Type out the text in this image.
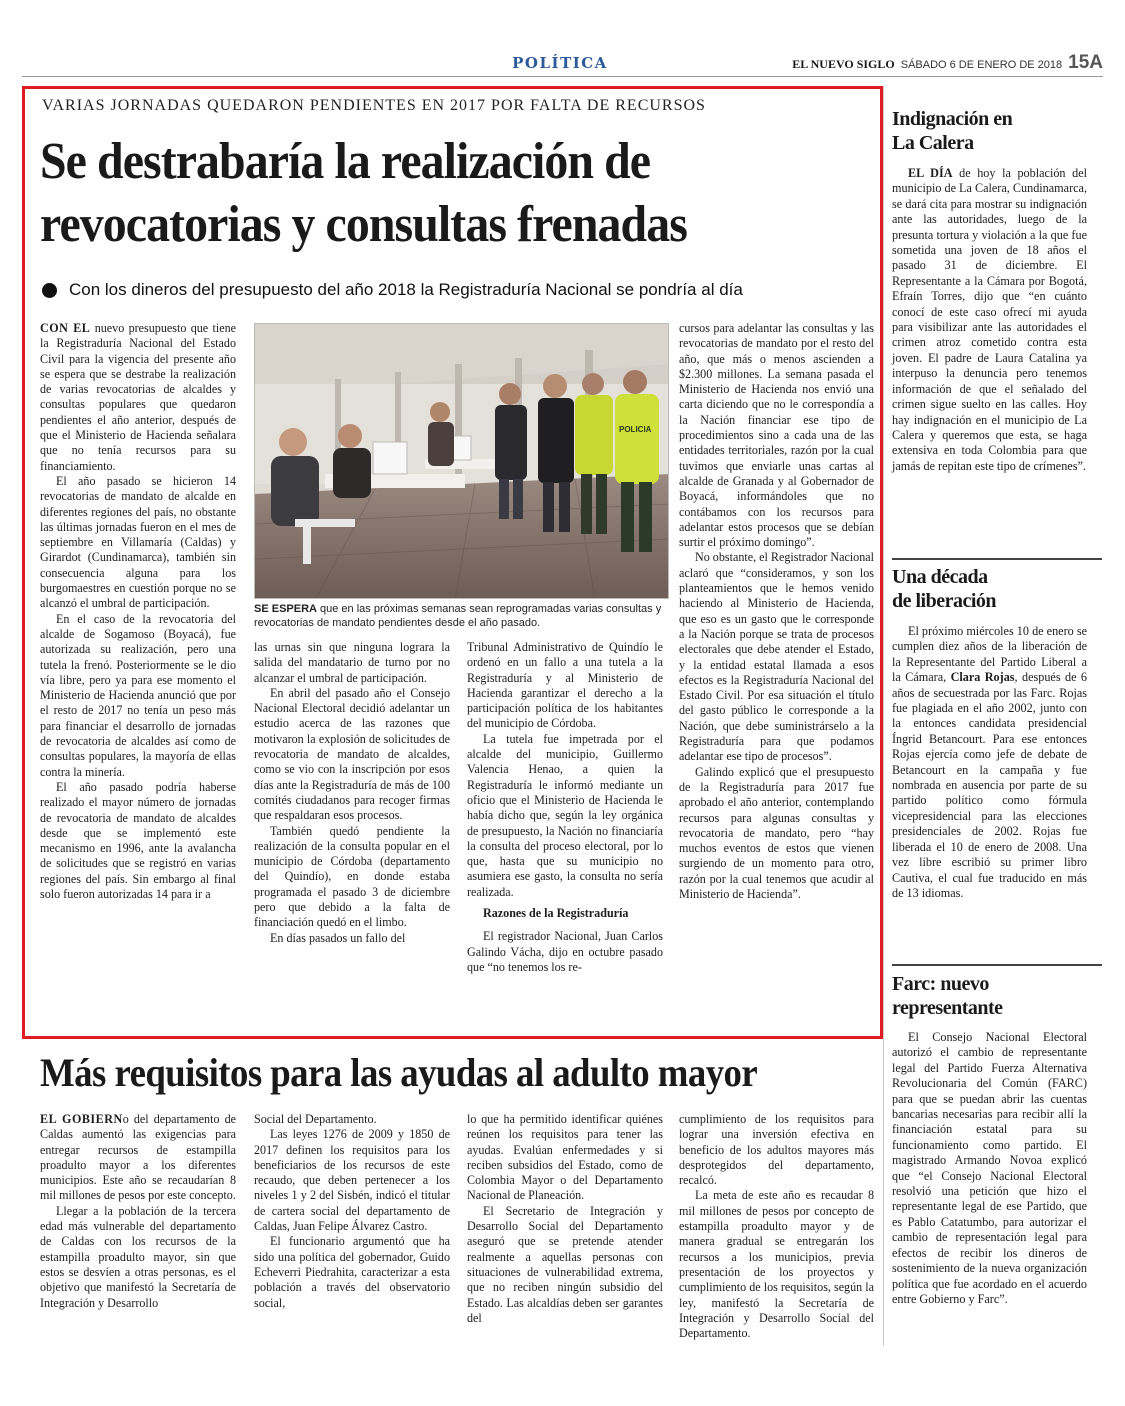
POLÍTICA	EL NUEVO SIGLO SÁBADO 6 DE ENERO DE 2018 15A
VARIAS JORNADAS QUEDARON PENDIENTES EN 2017 POR FALTA DE RECURSOS
Se destrabaría la realización de
revocatorias y consultas frenadas
Con los dineros del presupuesto del año 2018 la Registraduría Nacional se pondría al día

CON EL nuevo presupuesto que tiene la Registraduría Nacional del Estado Civil para la vigencia del presente año se espera que se destrabe la realización de varias revocatorias de alcaldes y consultas populares que quedaron pendientes el año anterior, después de que el Ministerio de Hacienda señalara que no tenía recursos para su financiamiento.

El año pasado se hicieron 14 revocatorias de mandato de alcalde en diferentes regiones del país, no obstante las últimas jornadas fueron en el mes de septiembre en Villamaría (Caldas) y Girardot (Cundinamarca), también sin consecuencia alguna para los burgomaestres en cuestión porque no se alcanzó el umbral de participación.

En el caso de la revocatoria del alcalde de Sogamoso (Boyacá), fue autorizada su realización, pero una tutela la frenó. Posteriormente se le dio vía libre, pero ya para ese momento el Ministerio de Hacienda anunció que por el resto de 2017 no tenía un peso más para financiar el desarrollo de jornadas de revocatoria de alcaldes así como de consultas populares, la mayoría de ellas contra la minería.

El año pasado podría haberse realizado el mayor número de jornadas de revocatoria de mandato de alcaldes desde que se implementó este mecanismo en 1996, ante la avalancha de solicitudes que se registró en varias regiones del país. Sin embargo al final solo fueron autorizadas 14 para ir a

POLICIA
SE ESPERA que en las próximas semanas sean reprogramadas varias consultas y revocatorias de mandato pendientes desde el año pasado.

las urnas sin que ninguna lograra la salida del mandatario de turno por no alcanzar el umbral de participación.

En abril del pasado año el Consejo Nacional Electoral decidió adelantar un estudio acerca de las razones que motivaron la explosión de solicitudes de revocatoria de mandato de alcaldes, como se vio con la inscripción por esos días ante la Registraduría de más de 100 comités ciudadanos para recoger firmas que respaldaran esos procesos.

También quedó pendiente la realización de la consulta popular en el municipio de Córdoba (departamento del Quindío), en donde estaba programada el pasado 3 de diciembre pero que debido a la falta de financiación quedó en el limbo.

En días pasados un fallo del

Tribunal Administrativo de Quindío le ordenó en un fallo a una tutela a la Registraduría y al Ministerio de Hacienda garantizar el derecho a la participación política de los habitantes del municipio de Córdoba.

La tutela fue impetrada por el alcalde del municipio, Guillermo Valencia Henao, a quien la Registraduría le informó mediante un oficio que el Ministerio de Hacienda le había dicho que, según la ley orgánica de presupuesto, la Nación no financiaría la consulta del proceso electoral, por lo que, hasta que su municipio no asumiera ese gasto, la consulta no sería realizada.

Razones de la Registraduría

El registrador Nacional, Juan Carlos Galindo Vácha, dijo en octubre pasado que “no tenemos los re-

cursos para adelantar las consultas y las revocatorias de mandato por el resto del año, que más o menos ascienden a $2.300 millones. La semana pasada el Ministerio de Hacienda nos envió una carta diciendo que no le correspondía a la Nación financiar ese tipo de procedimientos sino a cada una de las entidades territoriales, razón por la cual tuvimos que enviarle unas cartas al alcalde de Granada y al Gobernador de Boyacá, informándoles que no contábamos con los recursos para adelantar estos procesos que se debían surtir el próximo domingo”.

No obstante, el Registrador Nacional aclaró que “consideramos, y son los planteamientos que le hemos venido haciendo al Ministerio de Hacienda, que eso es un gasto que le corresponde a la Nación porque se trata de procesos electorales que debe atender el Estado, y la entidad estatal llamada a esos efectos es la Registraduría Nacional del Estado Civil. Por esa situación el título del gasto público le corresponde a la Nación, que debe suministrárselo a la Registraduría para que podamos adelantar ese tipo de procesos”.

Galindo explicó que el presupuesto de la Registraduría para 2017 fue aprobado el año anterior, contemplando recursos para algunas consultas y revocatoria de mandato, pero “hay muchos eventos de estos que vienen surgiendo de un momento para otro, razón por la cual tenemos que acudir al Ministerio de Hacienda”.

Indignación en
La Calera

EL DÍA de hoy la población del municipio de La Calera, Cundinamarca, se dará cita para mostrar su indignación ante las autoridades, luego de la presunta tortura y violación a la que fue sometida una joven de 18 años el pasado 31 de diciembre. El Representante a la Cámara por Bogotá, Efraín Torres, dijo que “en cuánto conocí de este caso ofrecí mi ayuda para visibilizar ante las autoridades el crimen atroz cometido contra esta joven. El padre de Laura Catalina ya interpuso la denuncia pero tenemos información de que el señalado del crimen sigue suelto en las calles. Hoy hay indignación en el municipio de La Calera y queremos que esta, se haga extensiva en toda Colombia para que jamás de repitan este tipo de crímenes”.

Una década
de liberación

El próximo miércoles 10 de enero se cumplen diez años de la liberación de la Representante del Partido Liberal a la Cámara, Clara Rojas, después de 6 años de secuestrada por las Farc. Rojas fue plagiada en el año 2002, junto con la entonces candidata presidencial Íngrid Betancourt. Para ese entonces Rojas ejercía como jefe de debate de Betancourt en la campaña y fue nombrada en ausencia por parte de su partido político como fórmula vicepresidencial para las elecciones presidenciales de 2002. Rojas fue liberada el 10 de enero de 2008. Una vez libre escribió su primer libro Cautiva, el cual fue traducido en más de 13 idiomas.

Farc: nuevo
representante

El Consejo Nacional Electoral autorizó el cambio de representante legal del Partido Fuerza Alternativa Revolucionaria del Común (FARC) para que se puedan abrir las cuentas bancarias necesarias para recibir allí la financiación estatal para su funcionamiento como partido. El magistrado Armando Novoa explicó que “el Consejo Nacional Electoral resolvió una petición que hizo el representante legal de ese Partido, que es Pablo Catatumbo, para autorizar el cambio de representación legal para efectos de recibir los dineros de sostenimiento de la nueva organización política que fue acordado en el acuerdo entre Gobierno y Farc”.

Más requisitos para las ayudas al adulto mayor

EL GOBIERNo del departamento de Caldas aumentó las exigencias para entregar recursos de estampilla proadulto mayor a los diferentes municipios. Este año se recaudarían 8 mil millones de pesos por este concepto.

Llegar a la población de la tercera edad más vulnerable del departamento de Caldas con los recursos de la estampilla proadulto mayor, sin que estos se desvíen a otras personas, es el objetivo que manifestó la Secretaría de Integración y Desarrollo

Social del Departamento.

Las leyes 1276 de 2009 y 1850 de 2017 definen los requisitos para los beneficiarios de los recursos de este recaudo, que deben pertenecer a los niveles 1 y 2 del Sisbén, indicó el titular de cartera social del departamento de Caldas, Juan Felipe Álvarez Castro.

El funcionario argumentó que ha sido una política del gobernador, Guido Echeverri Piedrahita, caracterizar a esta población a través del observatorio social,

lo que ha permitido identificar quiénes reúnen los requisitos para tener las ayudas. Evalúan enfermedades y si reciben subsidios del Estado, como de Colombia Mayor o del Departamento Nacional de Planeación.

El Secretario de Integración y Desarrollo Social del Departamento aseguró que se pretende atender realmente a aquellas personas con situaciones de vulnerabilidad extrema, que no reciben ningún subsidio del Estado. Las alcaldías deben ser garantes del

cumplimiento de los requisitos para lograr una inversión efectiva en beneficio de los adultos mayores más desprotegidos del departamento, recalcó.

La meta de este año es recaudar 8 mil millones de pesos por concepto de estampilla proadulto mayor y de manera gradual se entregarán los recursos a los municipios, previa presentación de los proyectos y cumplimiento de los requisitos, según la ley, manifestó la Secretaría de Integración y Desarrollo Social del Departamento.
